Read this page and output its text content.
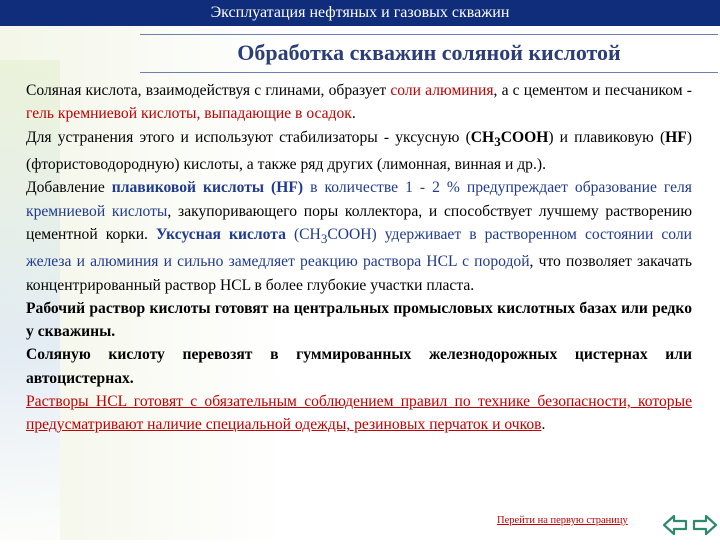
Эксплуатация нефтяных и газовых скважин
Обработка скважин соляной кислотой

Соляная кислота, взаимодействуя с глинами, образует соли алюминия, а с цементом и песчаником - гель кремниевой кислоты, выпадающие в осадок.

Для устранения этого и используют стабилизаторы - уксусную $(CH_3COOH)$ и плавиковую (HF) (фтористоводородную) кислоты, а также ряд других (лимонная, винная и др.).

Добавление плавиковой кислоты (HF) в количестве 1 - 2 % предупреждает образование геля кремниевой кислоты, закупоривающего поры коллектора, и способствует лучшему растворению цементной корки. Уксусная кислота $(CH_3COOH)$ удерживает в растворенном состоянии соли железа и алюминия и сильно замедляет реакцию раствора HCL с породой, что позволяет закачать концентрированный раствор HCL в более глубокие участки пласта.

Рабочий раствор кислоты готовят на центральных промысловых кислотных базах или редко у скважины.

Соляную кислоту перевозят в гуммированных железнодорожных цистернах или автоцистернах.

Растворы HCL готовят с обязательным соблюдением правил по технике безопасности, которые предусматривают наличие специальной одежды, резиновых перчаток и очков.

Перейти на первую страницу
